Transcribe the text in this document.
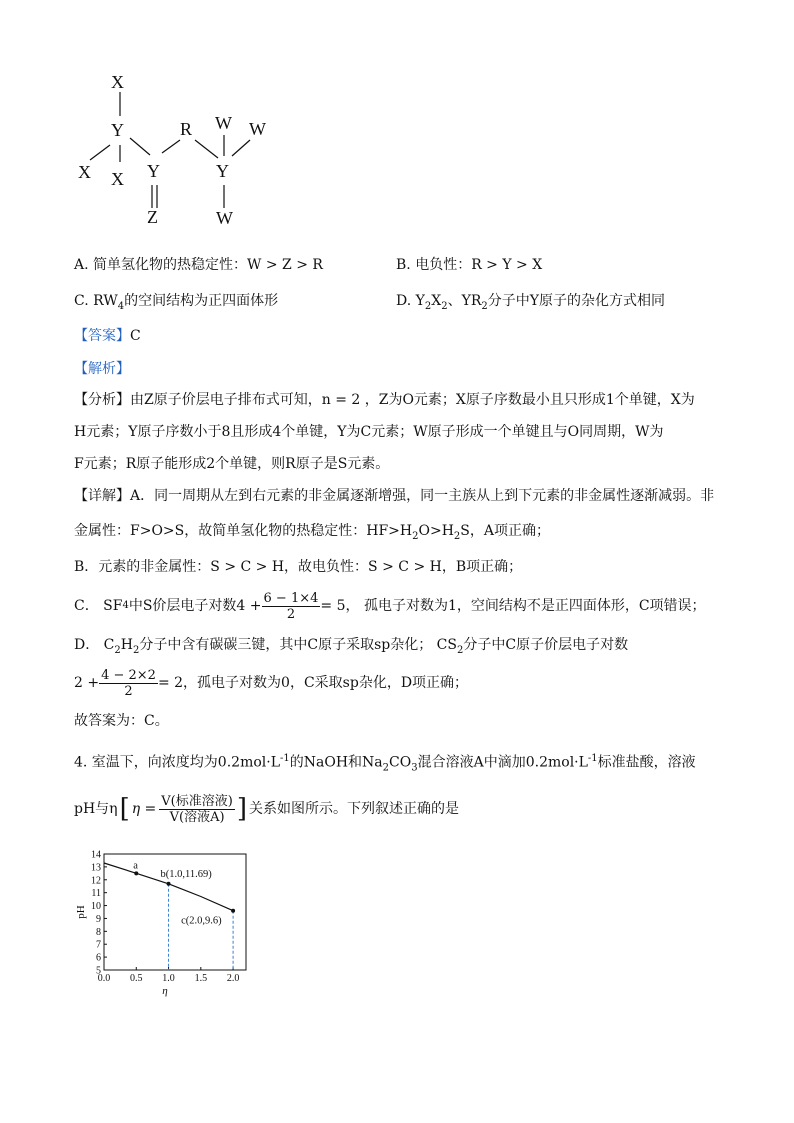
X
Y
X X Y
Z
R W W
Y
W
A. 简单氢化物的热稳定性：W > Z > R	B. 电负性：R > Y > X
C. $RW_4$的空间结构为正四面体形	D. $Y_2X_2$、$YR_2$分子中Y原子的杂化方式相同
【答案】C
【解析】
【分析】由Z原子价层电子排布式可知，n = 2 ，Z为O元素；X原子序数最小且只形成1个单键，X为
H元素；Y原子序数小于8且形成4个单键，Y为C元素；W原子形成一个单键且与O同周期，W为
F元素；R原子能形成2个单键，则R原子是S元素。
【详解】A．同一周期从左到右元素的非金属逐渐增强，同一主族从上到下元素的非金属性逐渐减弱。非
金属性：F>O>S，故简单氢化物的热稳定性：$HF>H_2O>H_2S$，A项正确；
B．元素的非金属性：S > C > H，故电负性：S > C > H，B项正确；
C． SF 4 中S价层电子对数$4 + \frac{6 - 1\times 4}{2} = 5$， 孤电子对数为1，空间结构不是正四面体形，C项错误；
D． $C_2H_2$分子中含有碳碳三键，其中C原子采取sp杂化； $CS_2$分子中C原子价层电子对数
$2 + \frac{4 - 2\times 2}{2} = 2$，孤电子对数为0，C采取sp杂化，D项正确；
故答案为：C。
4. 室温下，向浓度均为$0.2mol\cdot L^{-1}$的NaOH和$Na_2CO_3$混合溶液A中滴加$0.2mol\cdot L^{-1}$标准盐酸，溶液
pH与η [ $\eta = \frac{\text{V(标准溶液)}}{\text{V(溶液A)}}$ ] 关系如图所示。下列叙述正确的是
5
6
7
8
9
10
11
12
13
14
0.0 0.5 1.0 1.5 2.0
η
pH
a
b(1.0,11.69)
c(2.0,9.6)
